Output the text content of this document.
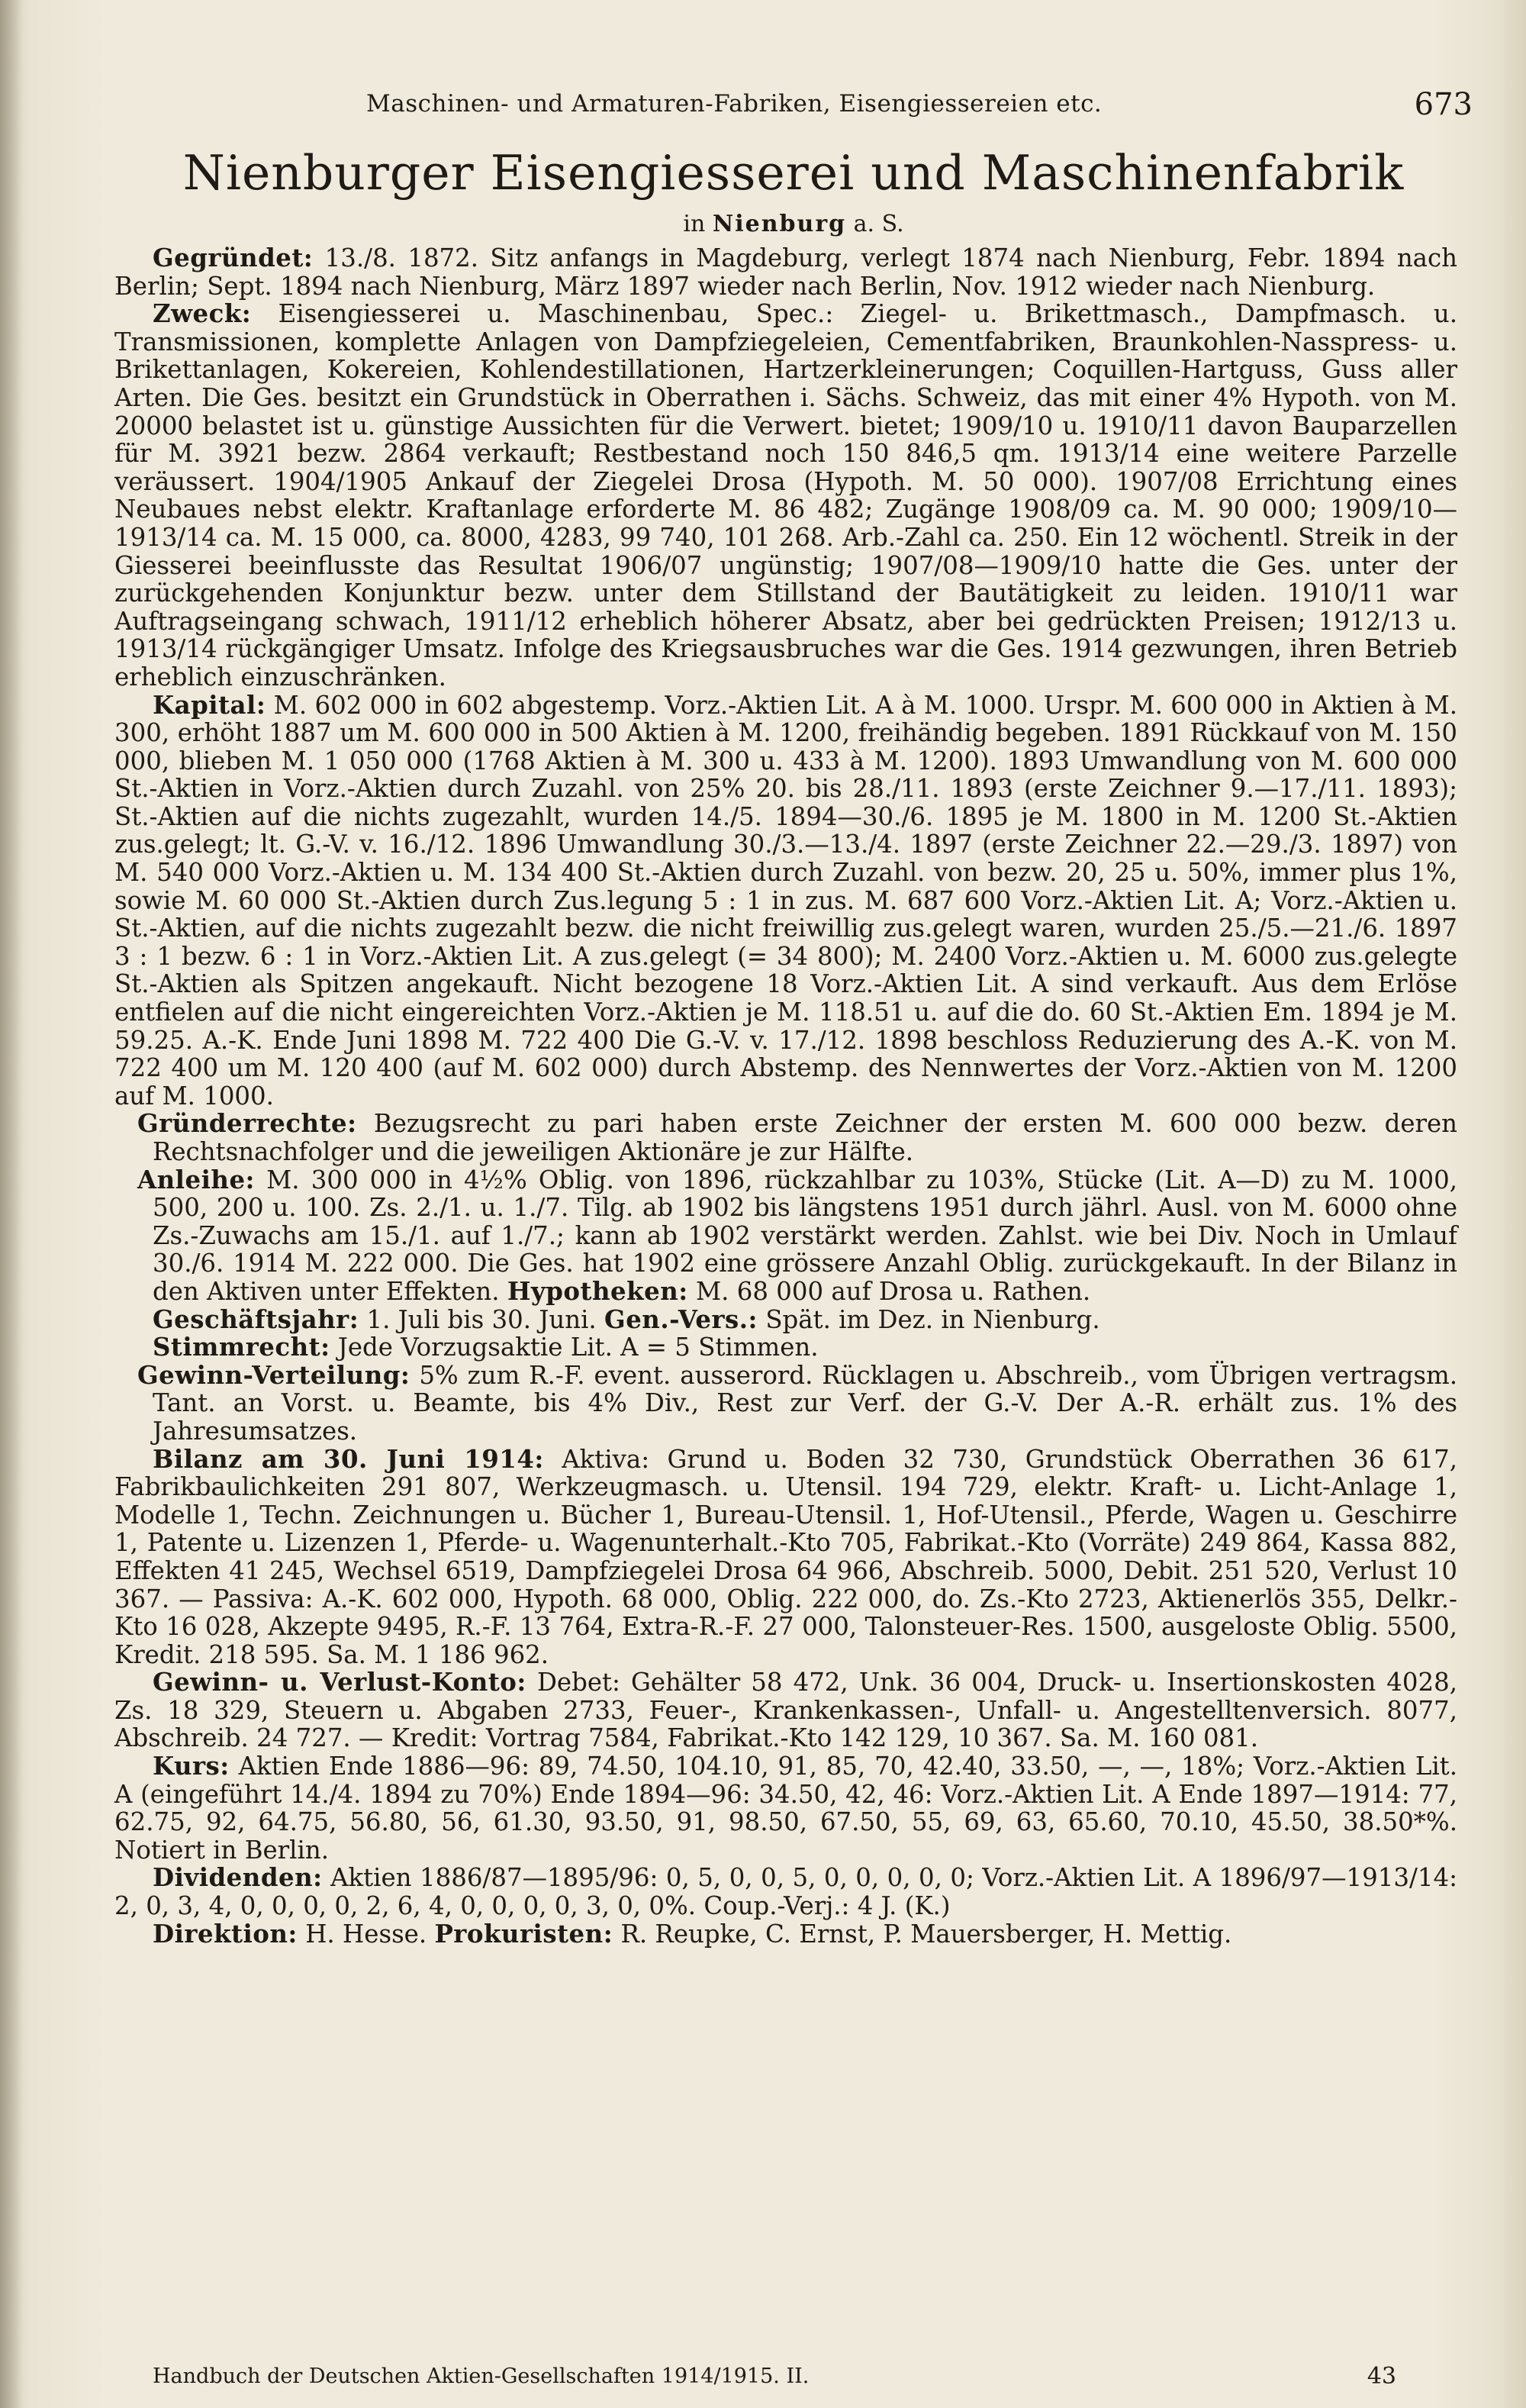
Maschinen- und Armaturen-Fabriken, Eisengiessereien etc.	673
Nienburger Eisengiesserei und Maschinenfabrik
in Nienburg a. S.

Gegründet: 13./8. 1872. Sitz anfangs in Magdeburg, verlegt 1874 nach Nienburg, Febr. 1894 nach Berlin; Sept. 1894 nach Nienburg, März 1897 wieder nach Berlin, Nov. 1912 wieder nach Nienburg.

Zweck: Eisengiesserei u. Maschinenbau, Spec.: Ziegel- u. Brikettmasch., Dampfmasch. u. Transmissionen, komplette Anlagen von Dampfziegeleien, Cementfabriken, Braunkohlen-Nasspress- u. Brikettanlagen, Kokereien, Kohlendestillationen, Hartzerkleinerungen; Coquillen-Hartguss, Guss aller Arten. Die Ges. besitzt ein Grundstück in Oberrathen i. Sächs. Schweiz, das mit einer 4% Hypoth. von M. 20000 belastet ist u. günstige Aussichten für die Verwert. bietet; 1909/10 u. 1910/11 davon Bauparzellen für M. 3921 bezw. 2864 verkauft; Restbestand noch 150 846,5 qm. 1913/14 eine weitere Parzelle veräussert. 1904/1905 Ankauf der Ziegelei Drosa (Hypoth. M. 50 000). 1907/08 Errichtung eines Neubaues nebst elektr. Kraftanlage erforderte M. 86 482; Zugänge 1908/09 ca. M. 90 000; 1909/10—1913/14 ca. M. 15 000, ca. 8000, 4283, 99 740, 101 268. Arb.-Zahl ca. 250. Ein 12 wöchentl. Streik in der Giesserei beeinflusste das Resultat 1906/07 ungünstig; 1907/08—1909/10 hatte die Ges. unter der zurückgehenden Konjunktur bezw. unter dem Stillstand der Bautätigkeit zu leiden. 1910/11 war Auftragseingang schwach, 1911/12 erheblich höherer Absatz, aber bei gedrückten Preisen; 1912/13 u. 1913/14 rückgängiger Umsatz. Infolge des Kriegsausbruches war die Ges. 1914 gezwungen, ihren Betrieb erheblich einzuschränken.

Kapital: M. 602 000 in 602 abgestemp. Vorz.-Aktien Lit. A à M. 1000. Urspr. M. 600 000 in Aktien à M. 300, erhöht 1887 um M. 600 000 in 500 Aktien à M. 1200, freihändig begeben. 1891 Rückkauf von M. 150 000, blieben M. 1 050 000 (1768 Aktien à M. 300 u. 433 à M. 1200). 1893 Umwandlung von M. 600 000 St.-Aktien in Vorz.-Aktien durch Zuzahl. von 25% 20. bis 28./11. 1893 (erste Zeichner 9.—17./11. 1893); St.-Aktien auf die nichts zugezahlt, wurden 14./5. 1894—30./6. 1895 je M. 1800 in M. 1200 St.-Aktien zus.gelegt; lt. G.-V. v. 16./12. 1896 Umwandlung 30./3.—13./4. 1897 (erste Zeichner 22.—29./3. 1897) von M. 540 000 Vorz.-Aktien u. M. 134 400 St.-Aktien durch Zuzahl. von bezw. 20, 25 u. 50%, immer plus 1%, sowie M. 60 000 St.-Aktien durch Zus.legung 5 : 1 in zus. M. 687 600 Vorz.-Aktien Lit. A; Vorz.-Aktien u. St.-Aktien, auf die nichts zugezahlt bezw. die nicht freiwillig zus.gelegt waren, wurden 25./5.—21./6. 1897 3 : 1 bezw. 6 : 1 in Vorz.-Aktien Lit. A zus.gelegt (= 34 800); M. 2400 Vorz.-Aktien u. M. 6000 zus.gelegte St.-Aktien als Spitzen angekauft. Nicht bezogene 18 Vorz.-Aktien Lit. A sind verkauft. Aus dem Erlöse entfielen auf die nicht eingereichten Vorz.-Aktien je M. 118.51 u. auf die do. 60 St.-Aktien Em. 1894 je M. 59.25. A.-K. Ende Juni 1898 M. 722 400 Die G.-V. v. 17./12. 1898 beschloss Reduzierung des A.-K. von M. 722 400 um M. 120 400 (auf M. 602 000) durch Abstemp. des Nennwertes der Vorz.-Aktien von M. 1200 auf M. 1000.

Gründerrechte: Bezugsrecht zu pari haben erste Zeichner der ersten M. 600 000 bezw. deren Rechtsnachfolger und die jeweiligen Aktionäre je zur Hälfte.

Anleihe: M. 300 000 in 4½% Oblig. von 1896, rückzahlbar zu 103%, Stücke (Lit. A—D) zu M. 1000, 500, 200 u. 100. Zs. 2./1. u. 1./7. Tilg. ab 1902 bis längstens 1951 durch jährl. Ausl. von M. 6000 ohne Zs.-Zuwachs am 15./1. auf 1./7.; kann ab 1902 verstärkt werden. Zahlst. wie bei Div. Noch in Umlauf 30./6. 1914 M. 222 000. Die Ges. hat 1902 eine grössere Anzahl Oblig. zurückgekauft. In der Bilanz in den Aktiven unter Effekten. Hypotheken: M. 68 000 auf Drosa u. Rathen.
Geschäftsjahr: 1. Juli bis 30. Juni. Gen.-Vers.: Spät. im Dez. in Nienburg.
Stimmrecht: Jede Vorzugsaktie Lit. A = 5 Stimmen.

Gewinn-Verteilung: 5% zum R.-F. event. ausserord. Rücklagen u. Abschreib., vom Übrigen vertragsm. Tant. an Vorst. u. Beamte, bis 4% Div., Rest zur Verf. der G.-V. Der A.-R. erhält zus. 1% des Jahresumsatzes.

Bilanz am 30. Juni 1914: Aktiva: Grund u. Boden 32 730, Grundstück Oberrathen 36 617, Fabrikbaulichkeiten 291 807, Werkzeugmasch. u. Utensil. 194 729, elektr. Kraft- u. Licht-Anlage 1, Modelle 1, Techn. Zeichnungen u. Bücher 1, Bureau-Utensil. 1, Hof-Utensil., Pferde, Wagen u. Geschirre 1, Patente u. Lizenzen 1, Pferde- u. Wagenunterhalt.-Kto 705, Fabrikat.-Kto (Vorräte) 249 864, Kassa 882, Effekten 41 245, Wechsel 6519, Dampfziegelei Drosa 64 966, Abschreib. 5000, Debit. 251 520, Verlust 10 367. — Passiva: A.-K. 602 000, Hypoth. 68 000, Oblig. 222 000, do. Zs.-Kto 2723, Aktienerlös 355, Delkr.-Kto 16 028, Akzepte 9495, R.-F. 13 764, Extra-R.-F. 27 000, Talonsteuer-Res. 1500, ausgeloste Oblig. 5500, Kredit. 218 595. Sa. M. 1 186 962.

Gewinn- u. Verlust-Konto: Debet: Gehälter 58 472, Unk. 36 004, Druck- u. Insertionskosten 4028, Zs. 18 329, Steuern u. Abgaben 2733, Feuer-, Krankenkassen-, Unfall- u. Angestelltenversich. 8077, Abschreib. 24 727. — Kredit: Vortrag 7584, Fabrikat.-Kto 142 129, 10 367. Sa. M. 160 081.

Kurs: Aktien Ende 1886—96: 89, 74.50, 104.10, 91, 85, 70, 42.40, 33.50, —, —, 18%; Vorz.-Aktien Lit. A (eingeführt 14./4. 1894 zu 70%) Ende 1894—96: 34.50, 42, 46: Vorz.-Aktien Lit. A Ende 1897—1914: 77, 62.75, 92, 64.75, 56.80, 56, 61.30, 93.50, 91, 98.50, 67.50, 55, 69, 63, 65.60, 70.10, 45.50, 38.50*%. Notiert in Berlin.

Dividenden: Aktien 1886/87—1895/96: 0, 5, 0, 0, 5, 0, 0, 0, 0, 0; Vorz.-Aktien Lit. A 1896/97—1913/14: 2, 0, 3, 4, 0, 0, 0, 0, 2, 6, 4, 0, 0, 0, 0, 3, 0, 0%. Coup.-Verj.: 4 J. (K.)

Direktion: H. Hesse. Prokuristen: R. Reupke, C. Ernst, P. Mauersberger, H. Mettig.

Handbuch der Deutschen Aktien-Gesellschaften 1914/1915. II.	43
